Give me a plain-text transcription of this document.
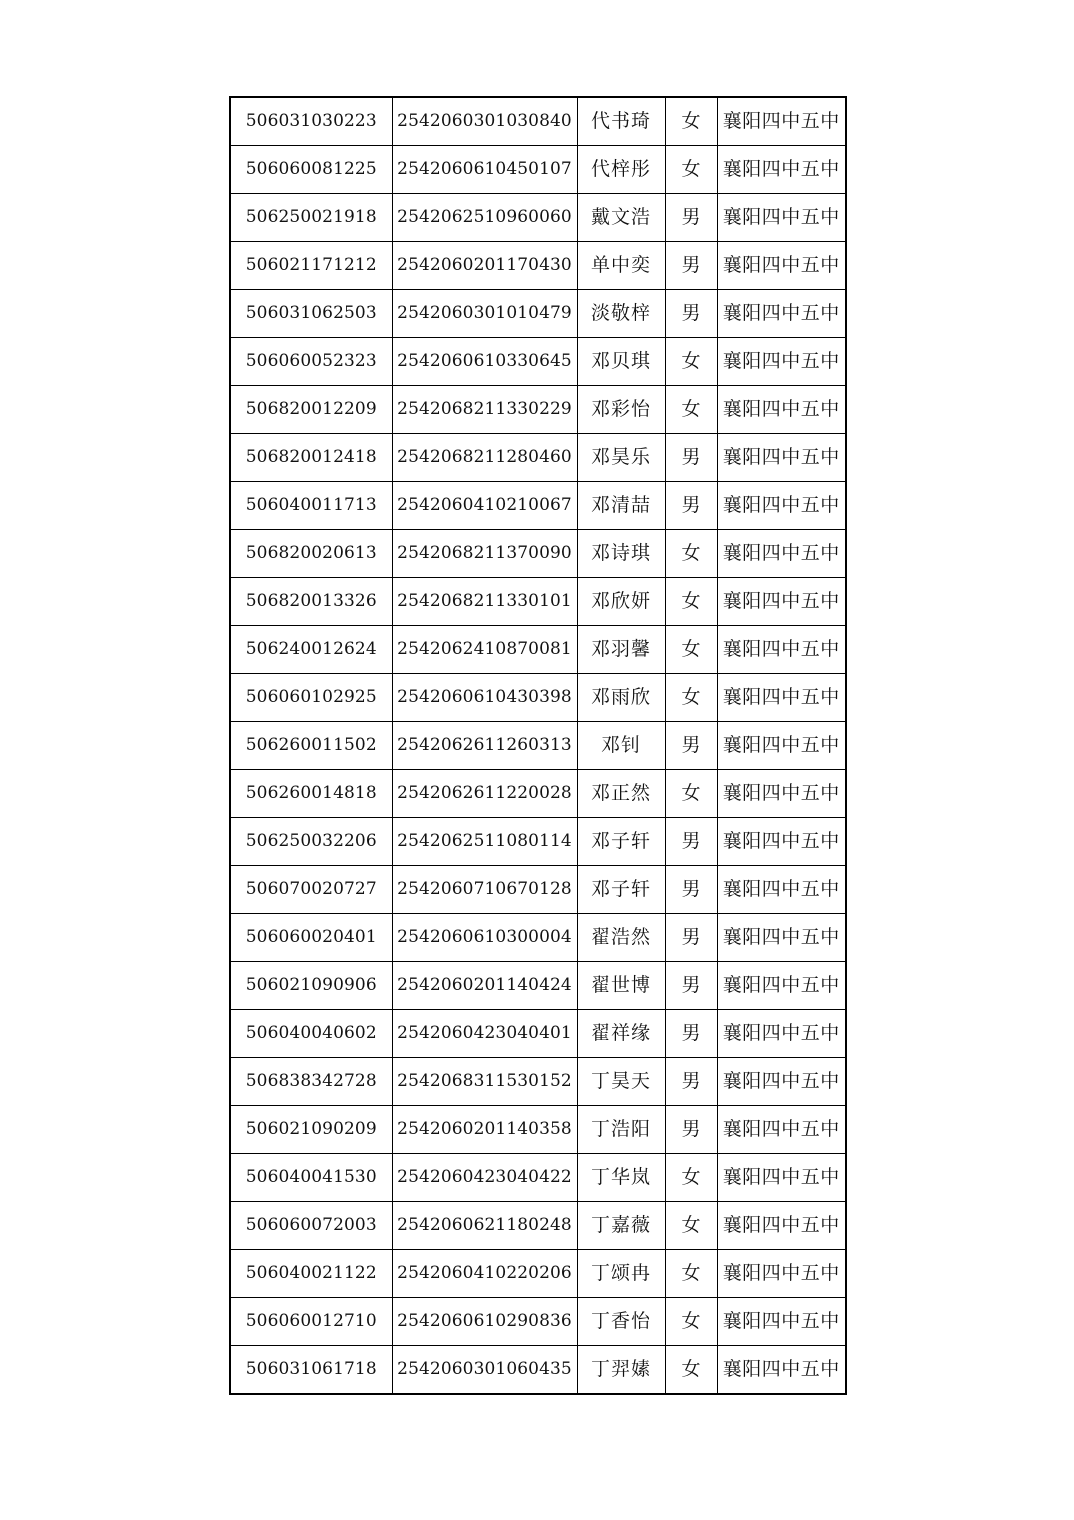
506031030223	2542060301030840	代书琦	女	襄阳四中五中
506060081225	2542060610450107	代梓彤	女	襄阳四中五中
506250021918	2542062510960060	戴文浩	男	襄阳四中五中
506021171212	2542060201170430	单中奕	男	襄阳四中五中
506031062503	2542060301010479	淡敬梓	男	襄阳四中五中
506060052323	2542060610330645	邓贝琪	女	襄阳四中五中
506820012209	2542068211330229	邓彩怡	女	襄阳四中五中
506820012418	2542068211280460	邓昊乐	男	襄阳四中五中
506040011713	2542060410210067	邓清喆	男	襄阳四中五中
506820020613	2542068211370090	邓诗琪	女	襄阳四中五中
506820013326	2542068211330101	邓欣妍	女	襄阳四中五中
506240012624	2542062410870081	邓羽馨	女	襄阳四中五中
506060102925	2542060610430398	邓雨欣	女	襄阳四中五中
506260011502	2542062611260313	邓钊	男	襄阳四中五中
506260014818	2542062611220028	邓正然	女	襄阳四中五中
506250032206	2542062511080114	邓子轩	男	襄阳四中五中
506070020727	2542060710670128	邓子轩	男	襄阳四中五中
506060020401	2542060610300004	翟浩然	男	襄阳四中五中
506021090906	2542060201140424	翟世博	男	襄阳四中五中
506040040602	2542060423040401	翟祥缘	男	襄阳四中五中
506838342728	2542068311530152	丁昊天	男	襄阳四中五中
506021090209	2542060201140358	丁浩阳	男	襄阳四中五中
506040041530	2542060423040422	丁华岚	女	襄阳四中五中
506060072003	2542060621180248	丁嘉薇	女	襄阳四中五中
506040021122	2542060410220206	丁颂冉	女	襄阳四中五中
506060012710	2542060610290836	丁香怡	女	襄阳四中五中
506031061718	2542060301060435	丁羿嫊	女	襄阳四中五中
